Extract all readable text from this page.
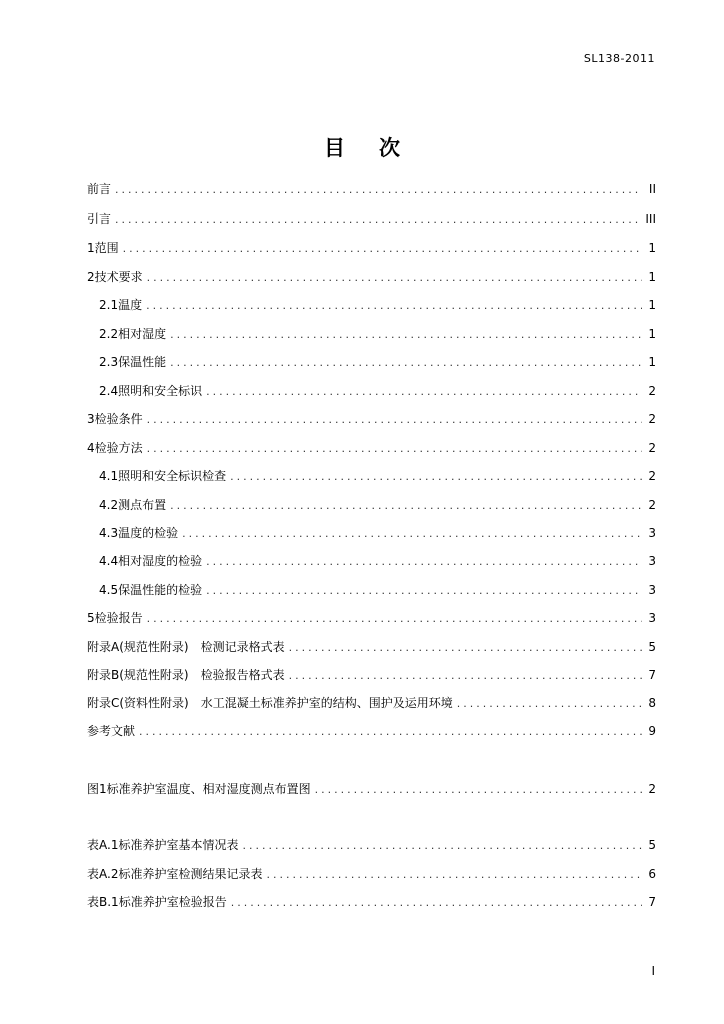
SL138-2011
目 次
前言 .....	II
引言 .....	III
1 范围 .....	1
2 技术要求 .....	1
2.1 温度 .....	1
2.2 相对湿度 .....	1
2.3 保温性能 .....	1
2.4 照明和安全标识 .....	2
3 检验条件 .....	2
4 检验方法 .....	2
4.1 照明和安全标识检查 .....	2
4.2 测点布置 .....	2
4.3 温度的检验 .....	3
4.4 相对湿度的检验 .....	3
4.5 保温性能的检验 .....	3
5 检验报告 .....	3
附录A(规范性附录)　检测记录格式表 .....	5
附录B(规范性附录)　检验报告格式表 .....	7
附录C(资料性附录)　水工混凝土标准养护室的结构、围护及运用环境 .....	8
参考文献 .....	9
图1 标准养护室温度、相对湿度测点布置图 .....	2
表A.1 标准养护室基本情况表 .....	5
表A.2 标准养护室检测结果记录表 .....	6
表B.1 标准养护室检验报告 .....	7
I
